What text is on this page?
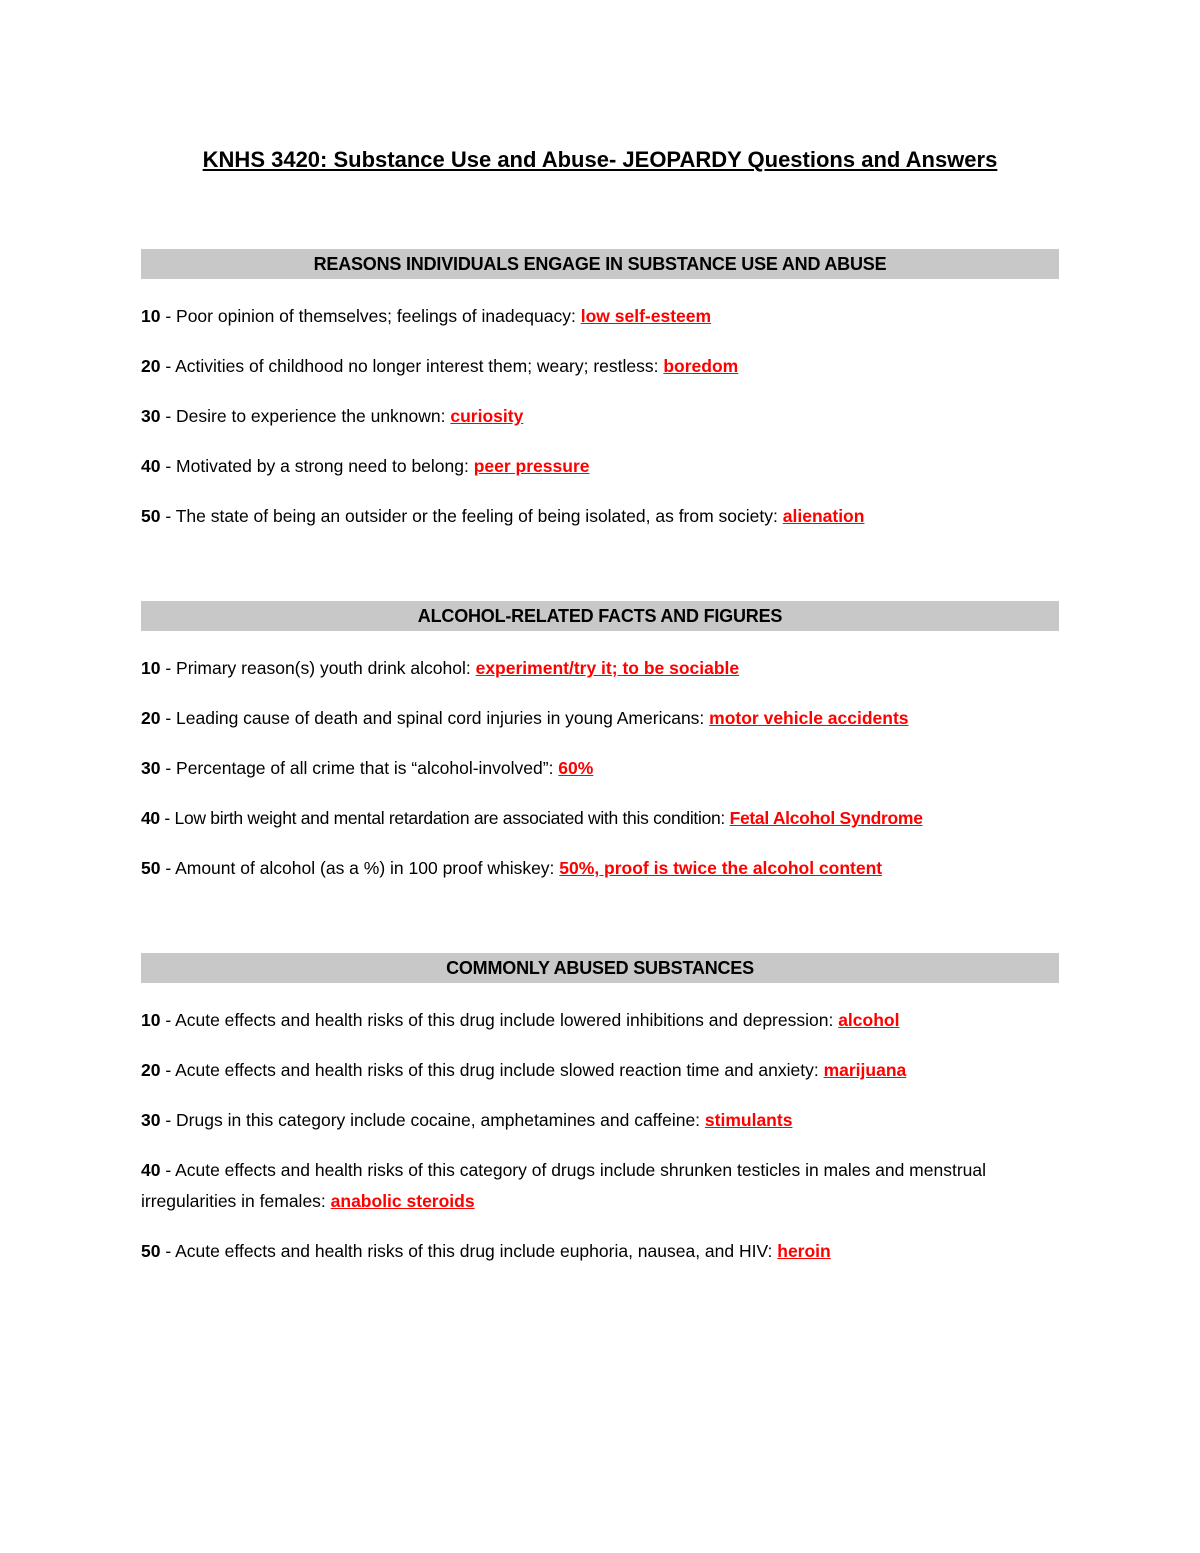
KNHS 3420: Substance Use and Abuse- JEOPARDY Questions and Answers
REASONS INDIVIDUALS ENGAGE IN SUBSTANCE USE AND ABUSE

10 - Poor opinion of themselves; feelings of inadequacy: low self-esteem

20 - Activities of childhood no longer interest them; weary; restless: boredom

30 - Desire to experience the unknown: curiosity

40 - Motivated by a strong need to belong: peer pressure

50 - The state of being an outsider or the feeling of being isolated, as from society: alienation

ALCOHOL-RELATED FACTS AND FIGURES

10 - Primary reason(s) youth drink alcohol: experiment/try it; to be sociable

20 - Leading cause of death and spinal cord injuries in young Americans: motor vehicle accidents

30 - Percentage of all crime that is “alcohol-involved”: 60%

40 - Low birth weight and mental retardation are associated with this condition: Fetal Alcohol Syndrome

50 - Amount of alcohol (as a %) in 100 proof whiskey: 50%, proof is twice the alcohol content

COMMONLY ABUSED SUBSTANCES

10 - Acute effects and health risks of this drug include lowered inhibitions and depression: alcohol

20 - Acute effects and health risks of this drug include slowed reaction time and anxiety: marijuana

30 - Drugs in this category include cocaine, amphetamines and caffeine: stimulants

40 - Acute effects and health risks of this category of drugs include shrunken testicles in males and menstrual irregularities in females: anabolic steroids

50 - Acute effects and health risks of this drug include euphoria, nausea, and HIV: heroin
